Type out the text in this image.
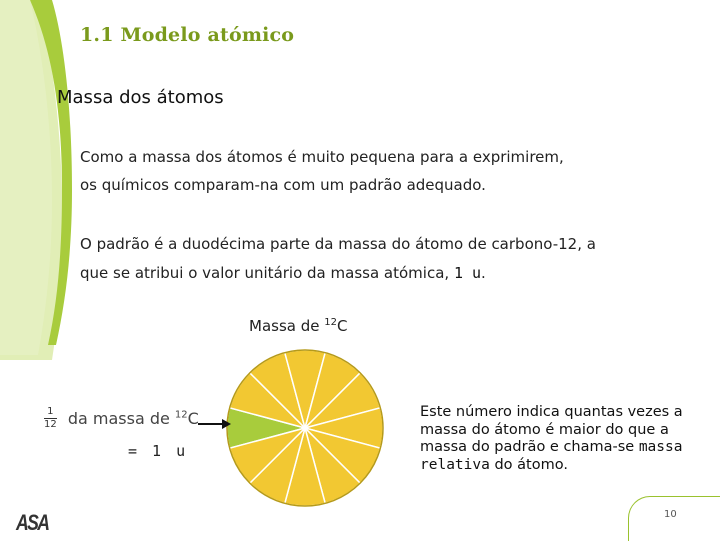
1.1 Modelo atómico
Massa dos átomos
Como a massa dos átomos é muito pequena para a exprimirem,
os químicos comparam-na com um padrão adequado.
O padrão é a duodécima parte da massa do átomo de carbono-12, a
que se atribui o valor unitário da massa atómica, 1 u.
Massa de $^{12}$C
$\frac{1}{12}$ da massa de $^{12}$C
= 1 u
Este número indica quantas vezes a massa do átomo é maior do que a massa do padrão e chama-se massa relativa do átomo.
10
ASA
